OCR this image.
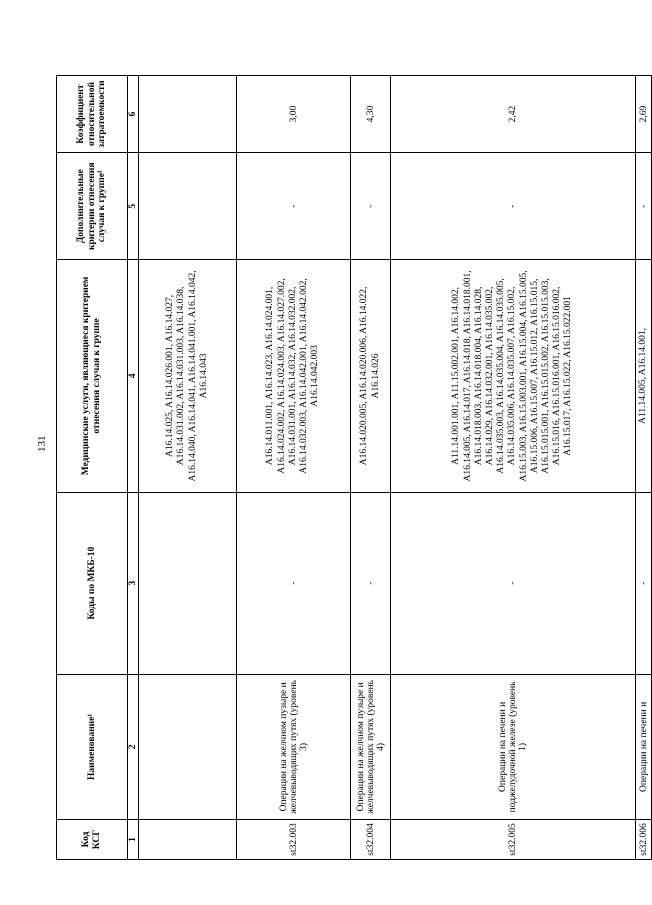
131
Код КСГ	Наименование¹	Коды по МКБ-10	Медицинские услуги, являющиеся критерием отнесения случая к группе	Дополнительные критерии отнесения случая к группе¹	Коэффициент относительной затратоемкости
1	2	3	4	5	6
			A16.14.025, A16.14.026.001, A16.14.027, A16.14.031.002, A16.14.031.003, A16.14.038, A16.14.040, A16.14.041, A16.14.041.001, A16.14.042, A16.14.043		
st32.003	Операции на желчном пузыре и желчевыводящих путях (уровень 3)	-	A16.14.011.001, A16.14.023, A16.14.024.001, A16.14.024.002, A16.14.024.003, A16.14.027.002, A16.14.031.001, A16.14.032, A16.14.032.002, A16.14.032.003, A16.14.042.001, A16.14.042.002, A16.14.042.003	-	3,00
st32.004	Операции на желчном пузыре и желчевыводящих путях (уровень 4)	-	A16.14.020.005, A16.14.020.006, A16.14.022, A16.14.026	-	4,30
st32.005	Операции на печени и поджелудочной железе (уровень 1)	-	A11.14.001.001, A11.15.002.001, A16.14.002, A16.14.005, A16.14.017, A16.14.018, A16.14.018.001, A16.14.018.003, A16.14.018.004, A16.14.028, A16.14.029, A16.14.032.001, A16.14.035.002, A16.14.035.003, A16.14.035.004, A16.14.035.005, A16.14.035.006, A16.14.035.007, A16.15.002, A16.15.003, A16.15.003.001, A16.15.004, A16.15.005, A16.15.006, A16.15.007, A16.15.012, A16.15.015, A16.15.015.001, A16.15.015.002, A16.15.015.003, A16.15.016, A16.15.016.001, A16.15.016.002, A16.15.017, A16.15.022, A16.15.022.001	-	2,42
st32.006	Операции на печени и	-	A11.14.005, A16.14.001,	-	2,69
